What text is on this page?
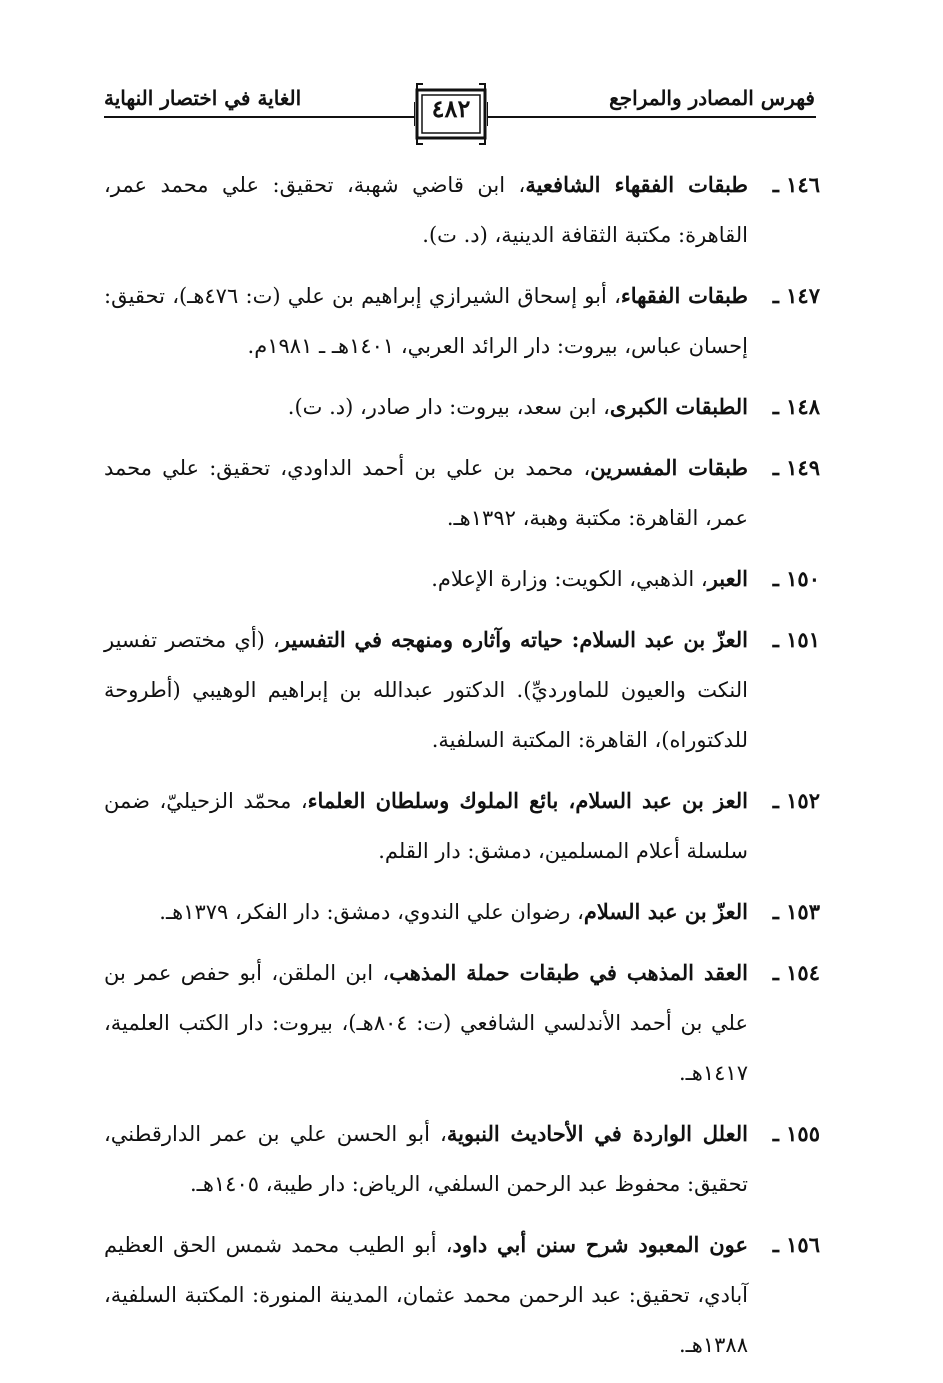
فهرس المصادر والمراجع
٤٨٢
الغاية في اختصار النهاية
١٤٦ ـ
طبقات الفقهاء الشافعية، ابن قاضي شهبة، تحقيق: علي محمد عمر، القاهرة: مكتبة الثقافة الدينية، (د. ت).
١٤٧ ـ
طبقات الفقهاء، أبو إسحاق الشيرازي إبراهيم بن علي (ت: ٤٧٦هـ)، تحقيق: إحسان عباس، بيروت: دار الرائد العربي، ١٤٠١هـ ـ ١٩٨١م.
١٤٨ ـ
الطبقات الكبرى، ابن سعد، بيروت: دار صادر، (د. ت).
١٤٩ ـ
طبقات المفسرين، محمد بن علي بن أحمد الداودي، تحقيق: علي محمد عمر، القاهرة: مكتبة وهبة، ١٣٩٢هـ.
١٥٠ ـ
العبر، الذهبي، الكويت: وزارة الإعلام.
١٥١ ـ
العزّ بن عبد السلام: حياته وآثاره ومنهجه في التفسير، (أي مختصر تفسير النكت والعيون للماورديِّ). الدكتور عبدالله بن إبراهيم الوهيبي (أطروحة للدكتوراه)، القاهرة: المكتبة السلفية.
١٥٢ ـ
العز بن عبد السلام، بائع الملوك وسلطان العلماء، محمّد الزحيليّ، ضمن سلسلة أعلام المسلمين، دمشق: دار القلم.
١٥٣ ـ
العزّ بن عبد السلام، رضوان علي الندوي، دمشق: دار الفكر، ١٣٧٩هـ.
١٥٤ ـ
العقد المذهب في طبقات حملة المذهب، ابن الملقن، أبو حفص عمر بن علي بن أحمد الأندلسي الشافعي (ت: ٨٠٤هـ)، بيروت: دار الكتب العلمية، ١٤١٧هـ.
١٥٥ ـ
العلل الواردة في الأحاديث النبوية، أبو الحسن علي بن عمر الدارقطني، تحقيق: محفوظ عبد الرحمن السلفي، الرياض: دار طيبة، ١٤٠٥هـ.
١٥٦ ـ
عون المعبود شرح سنن أبي داود، أبو الطيب محمد شمس الحق العظيم آبادي، تحقيق: عبد الرحمن محمد عثمان، المدينة المنورة: المكتبة السلفية، ١٣٨٨هـ.
